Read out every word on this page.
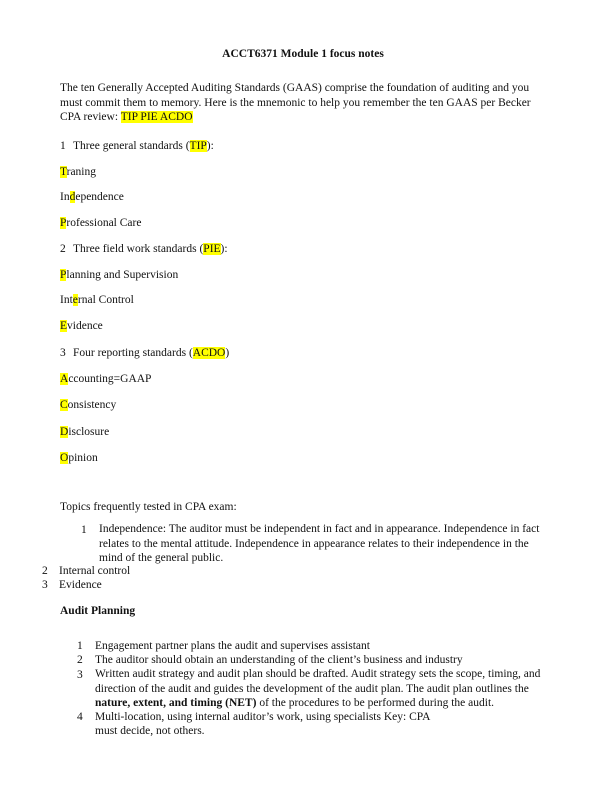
ACCT6371 Module 1 focus notes
The ten Generally Accepted Auditing Standards (GAAS) comprise the foundation of auditing and you must commit them to memory. Here is the mnemonic to help you remember the ten GAAS per Becker CPA review: TIP PIE ACDO
1 Three general standards (TIP):
Traning
Independence
Professional Care
2 Three field work standards (PIE):
Planning and Supervision
Internal Control
Evidence
3 Four reporting standards (ACDO)
Accounting=GAAP
Consistency
Disclosure
Opinion
Topics frequently tested in CPA exam:
1 Independence: The auditor must be independent in fact and in appearance. Independence in fact relates to the mental attitude. Independence in appearance relates to their independence in the mind of the general public.
2 Internal control
3 Evidence
Audit Planning
1 Engagement partner plans the audit and supervises assistant
2 The auditor should obtain an understanding of the client’s business and industry
3 Written audit strategy and audit plan should be drafted. Audit strategy sets the scope, timing, and direction of the audit and guides the development of the audit plan. The audit plan outlines the nature, extent, and timing (NET) of the procedures to be performed during the audit.
4 Multi-location, using internal auditor’s work, using specialists Key: CPA
must decide, not others.
